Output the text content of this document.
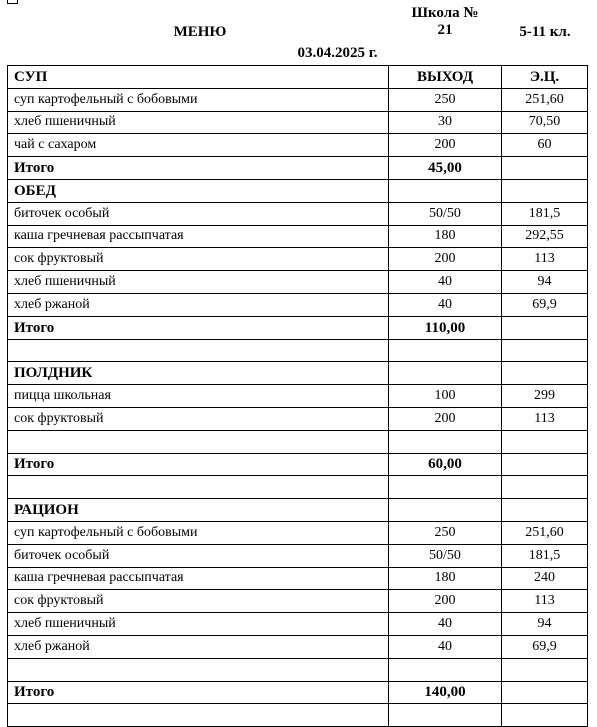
МЕНЮ
Школа №
21	5-11 кл.
03.04.2025 г.
СУП	ВЫХОД	Э.Ц.
суп картофельный с бобовыми	250	251,60
хлеб пшеничный	30	70,50
чай с сахаром	200	60
Итого	45,00	
ОБЕД		
биточек особый	50/50	181,5
каша гречневая рассыпчатая	180	292,55
сок фруктовый	200	113
хлеб пшеничный	40	94
хлеб ржаной	40	69,9
Итого	110,00	

ПОЛДНИК		
пицца школьная	100	299
сок фруктовый	200	113

Итого	60,00	

РАЦИОН		
суп картофельный с бобовыми	250	251,60
биточек особый	50/50	181,5
каша гречневая рассыпчатая	180	240
сок фруктовый	200	113
хлеб пшеничный	40	94
хлеб ржаной	40	69,9

Итого	140,00	
